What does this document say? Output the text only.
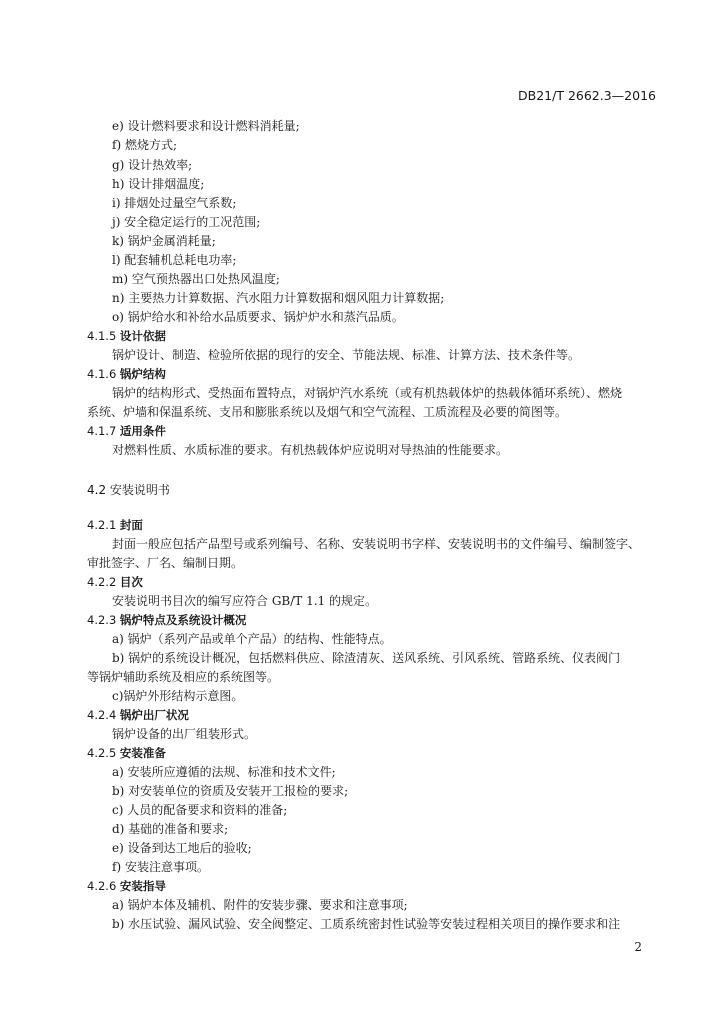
DB21/T 2662.3—2016
e) 设计燃料要求和设计燃料消耗量;
f) 燃烧方式;
g) 设计热效率;
h) 设计排烟温度;
i) 排烟处过量空气系数;
j) 安全稳定运行的工况范围;
k) 锅炉金属消耗量;
l) 配套辅机总耗电功率;
m) 空气预热器出口处热风温度;
n) 主要热力计算数据、汽水阻力计算数据和烟风阻力计算数据;
o) 锅炉给水和补给水品质要求、锅炉炉水和蒸汽品质。
4.1.5 设计依据
锅炉设计、制造、检验所依据的现行的安全、节能法规、标准、计算方法、技术条件等。
4.1.6 锅炉结构
锅炉的结构形式、受热面布置特点，对锅炉汽水系统（或有机热载体炉的热载体循环系统）、燃烧
系统、炉墙和保温系统、支吊和膨胀系统以及烟气和空气流程、工质流程及必要的简图等。
4.1.7 适用条件
对燃料性质、水质标准的要求。有机热载体炉应说明对导热油的性能要求。
4.2 安装说明书
4.2.1 封面
封面一般应包括产品型号或系列编号、名称、安装说明书字样、安装说明书的文件编号、编制签字、
审批签字、厂名、编制日期。
4.2.2 目次
安装说明书目次的编写应符合 GB/T 1.1 的规定。
4.2.3 锅炉特点及系统设计概况
a) 锅炉（系列产品或单个产品）的结构、性能特点。
b) 锅炉的系统设计概况，包括燃料供应、除渣清灰、送风系统、引风系统、管路系统、仪表阀门
等锅炉辅助系统及相应的系统图等。
c)锅炉外形结构示意图。
4.2.4 锅炉出厂状况
锅炉设备的出厂组装形式。
4.2.5 安装准备
a) 安装所应遵循的法规、标准和技术文件;
b) 对安装单位的资质及安装开工报检的要求;
c) 人员的配备要求和资料的准备;
d) 基础的准备和要求;
e) 设备到达工地后的验收;
f) 安装注意事项。
4.2.6 安装指导
a) 锅炉本体及辅机、附件的安装步骤、要求和注意事项;
b) 水压试验、漏风试验、安全阀整定、工质系统密封性试验等安装过程相关项目的操作要求和注
2
